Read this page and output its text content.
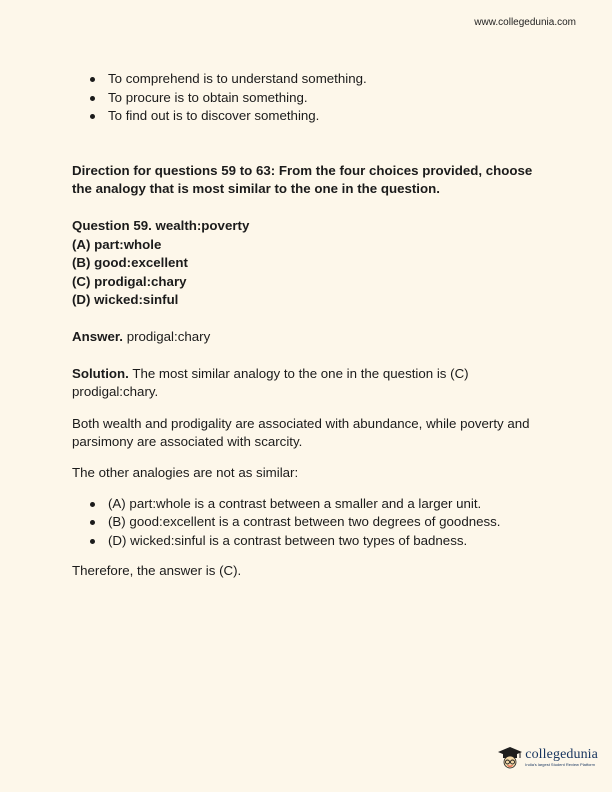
www.collegedunia.com
To comprehend is to understand something.
To procure is to obtain something.
To find out is to discover something.

Direction for questions 59 to 63: From the four choices provided, choose the analogy that is most similar to the one in the question.

Question 59. wealth:poverty

(A) part:whole

(B) good:excellent

(C) prodigal:chary

(D) wicked:sinful

Answer. prodigal:chary

Solution. The most similar analogy to the one in the question is (C) prodigal:chary.

Both wealth and prodigality are associated with abundance, while poverty and parsimony are associated with scarcity.

The other analogies are not as similar:

(A) part:whole is a contrast between a smaller and a larger unit.
(B) good:excellent is a contrast between two degrees of goodness.
(D) wicked:sinful is a contrast between two types of badness.

Therefore, the answer is (C).

collegedunia
India's largest Student Review Platform
